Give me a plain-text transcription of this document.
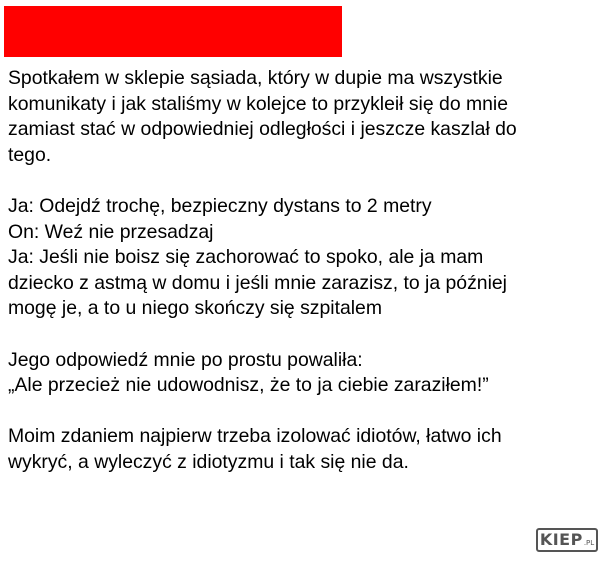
Spotkałem w sklepie sąsiada, który w dupie ma wszystkie
komunikaty i jak staliśmy w kolejce to przykleił się do mnie
zamiast stać w odpowiedniej odległości i jeszcze kaszlał do
tego.
Ja: Odejdź trochę, bezpieczny dystans to 2 metry
On: Weź nie przesadzaj
Ja: Jeśli nie boisz się zachorować to spoko, ale ja mam
dziecko z astmą w domu i jeśli mnie zarazisz, to ja później
mogę je, a to u niego skończy się szpitalem
Jego odpowiedź mnie po prostu powaliła:
„Ale przecież nie udowodnisz, że to ja ciebie zaraziłem!”
Moim zdaniem najpierw trzeba izolować idiotów, łatwo ich
wykryć, a wyleczyć z idiotyzmu i tak się nie da.
KIEP .PL
